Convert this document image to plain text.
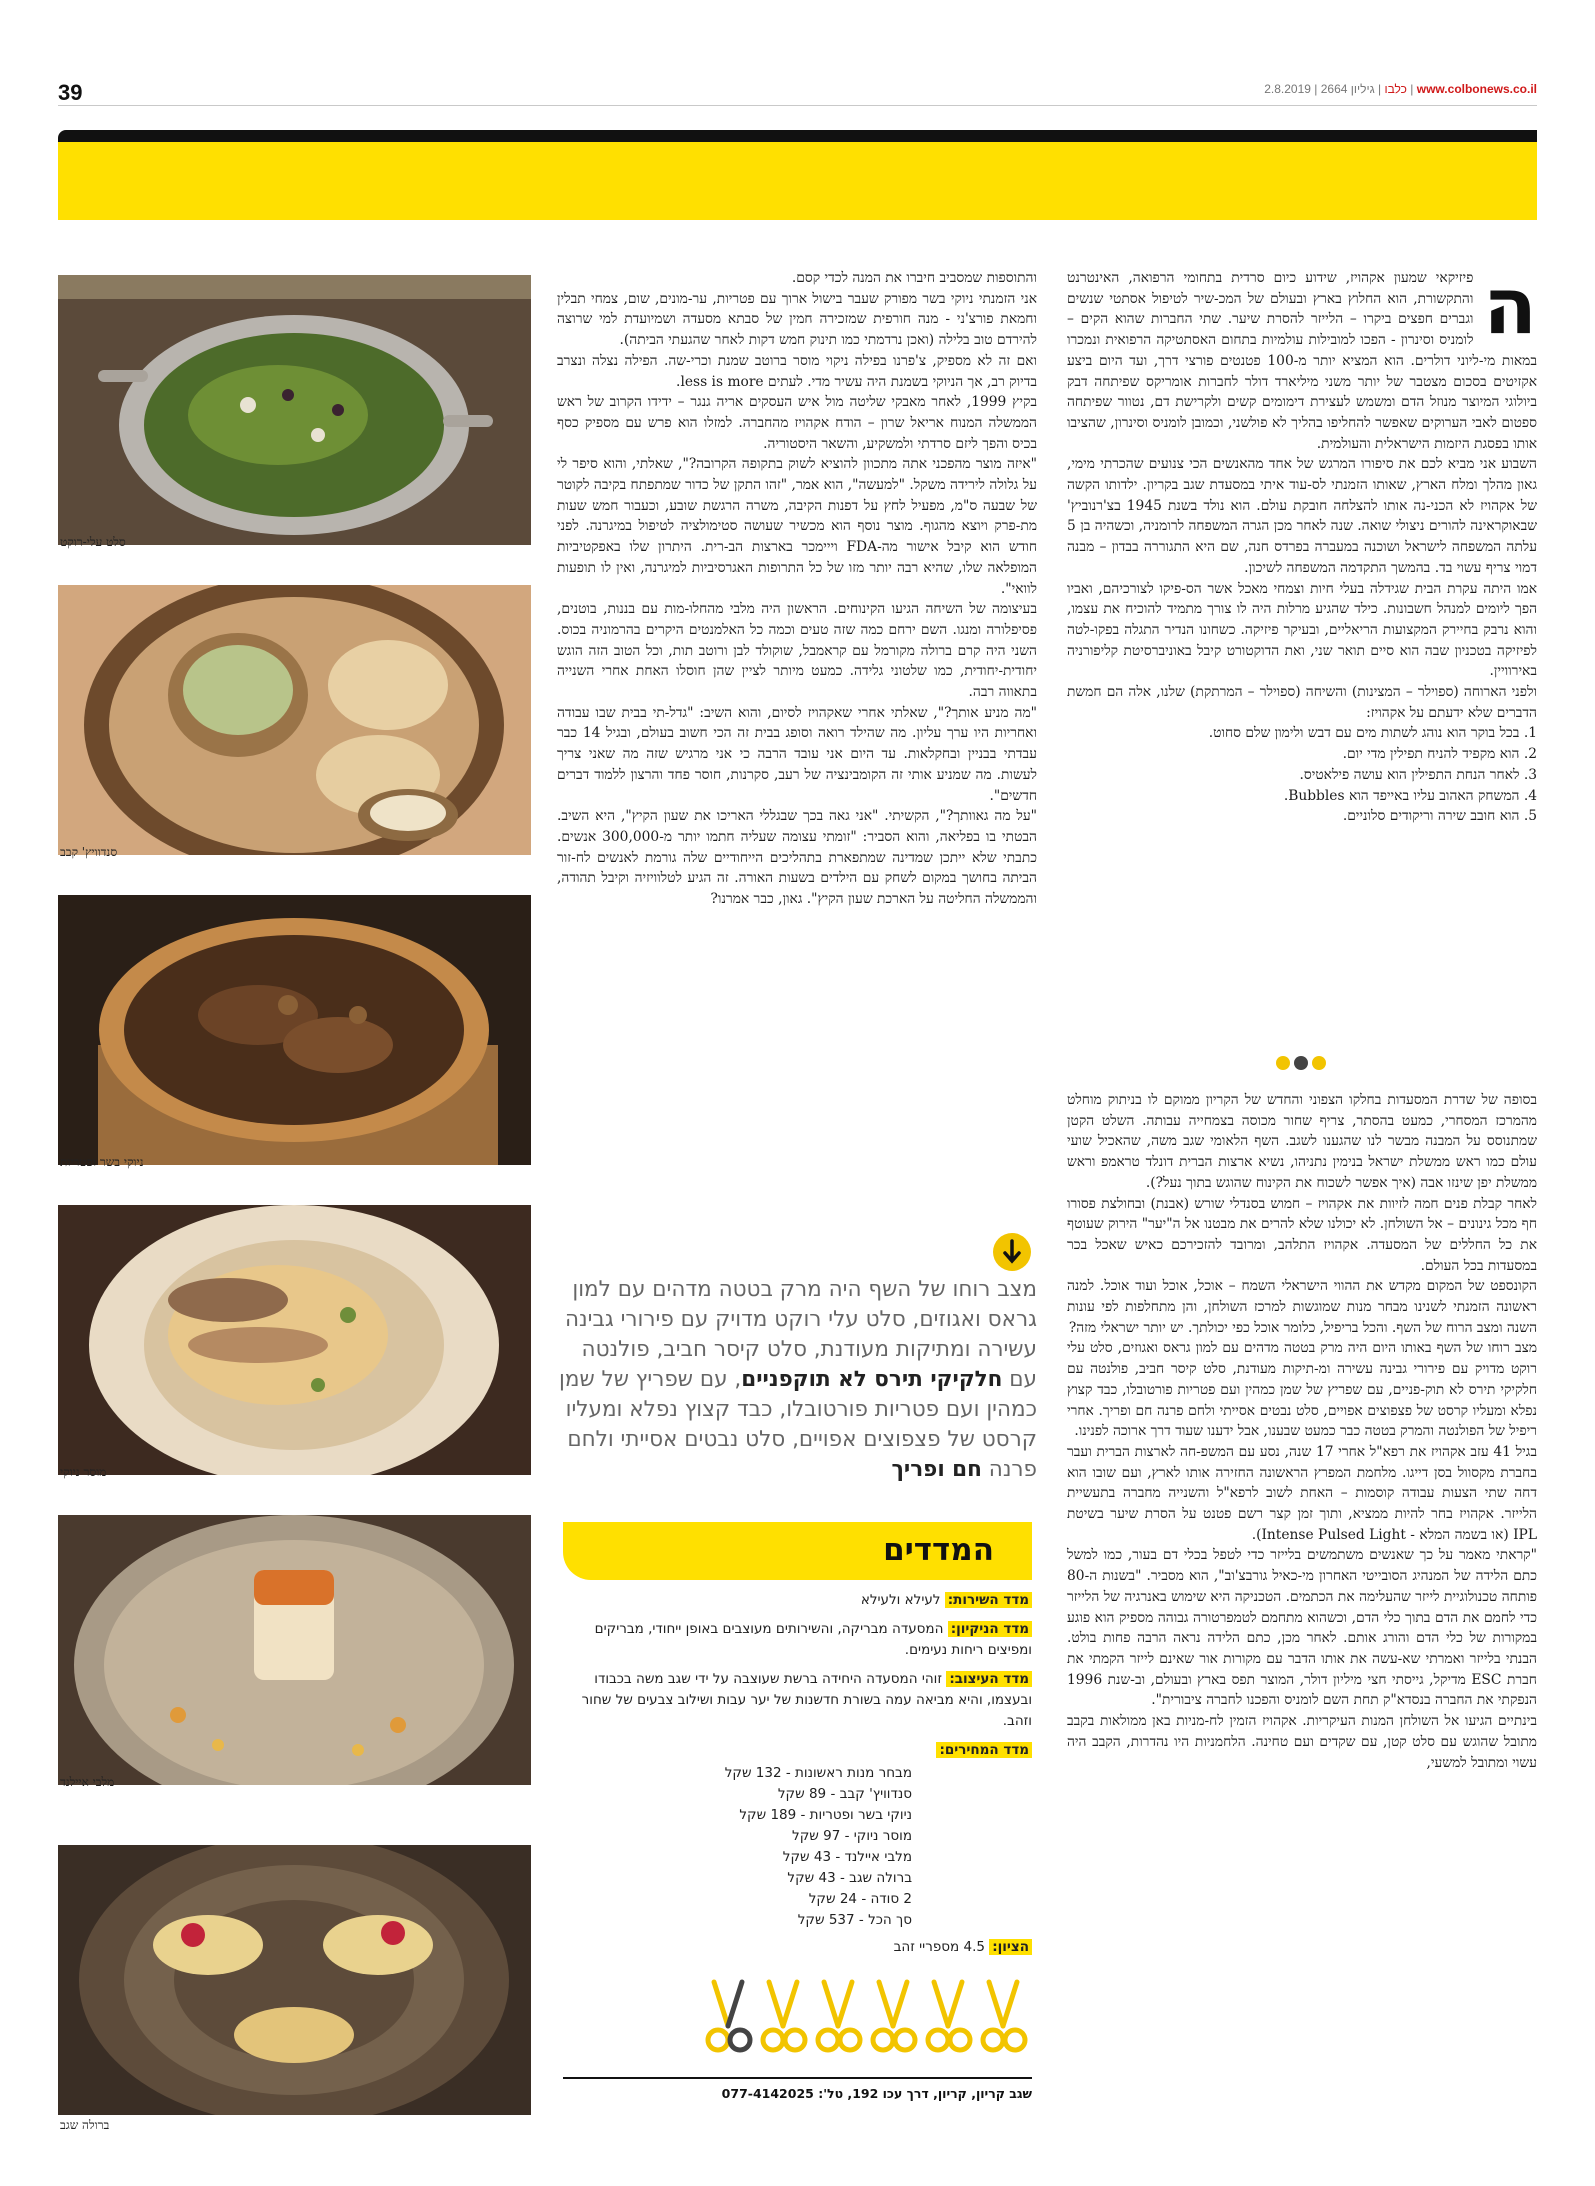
39	www.colbonews.co.il | כלבו | גיליון 2664 | 2.8.2019
סלט עלי-רוקט
סנדוויץ' קבב
ניוקי בשר ופטריות
מוסר ניוקי
מלבי איילנד
ברולה שגב
ה

פיזיקאי שמעון אקהויז, שידוע כיום סרדית בתחומי הרפואה, האינטרנט והתקשורת, הוא החלוץ בארץ ובעולם של המכ-שיר לטיפול אסתטי שנשים וגברים חפצים ביקרו – הלייזר להסרת שיער. שתי החברות שהוא הקים – לומניס וסינרון - הפכו למובילות עולמיות בתחום האסתטיקה הרפואית ונמכרו במאות מי-ליוני דולרים. הוא המציא יותר מ-100 פטנטים פורצי דרך, ועד היום ביצע אקזיטים בסכום מצטבר של יותר משני מיליארד דולר לחברות אומריקס שפיתחה דבק ביולוגי המיוצר מנוזל הדם ומשמש לעצירת דימומים קשים ולקרישת דם, נטוור שפיתחה ספטום לאבי הערוקים שאפשר להחליפו בהליך לא פולשני, וכמובן לומניס וסינרון, שהציבו אותו בפסגת היזמות הישראלית והעולמית.

השבוע אני מביא לכם את סיפורו המרגש של אחד מהאנשים הכי צנועים שהכרתי מימי, גאון מהלך ומלח הארץ, שאותו הזמנתי לס-עוד איתי במסעדת שגב בקריון. ילדותו הקשה של אקהויז לא הכני-נה אותו להצלחה חובקת עולם. הוא נולד בשנת 1945 בצ'רנוביץ' שבאוקראינה להורים ניצולי שואה. שנה לאחר מכן הגרה המשפחה לרומניה, וכשהיה בן 5 עלתה המשפחה לישראל ושוכנה במעברה בפרדס חנה, שם היא התגוררה בבדון – מבנה דמוי צריף עשוי בד. בהמשך התקדמה המשפחה לשיכון.

אמו היתה עקרת הבית שגידלה בעלי חיות וצמחי מאכל אשר הס-פיקו לצורכיהם, ואביו הפך ליומים למנהל חשבונות. כילד שהגיע מרלות היה לו צורך מתמיד להוכיח את עצמו, והוא נרבק בחיירק המקצועות הריאליים, ובעיקר פיזיקה. כשחונו הנדיר התגלה בפקו-לטה לפיזיקה בטכניון שבה הוא סיים תואר שני, ואת הדוקטורט קיבל באוניברסיטת קליפורניה באירוויין.

ולפני הארוחה (ספוילר – המצינות) והשיחה (ספוילר – המרתקת) שלנו, אלה הם חמשת הדברים שלא ידעתם על אקהויז:

1. בכל בוקר הוא נוהג לשתות מים עם דבש ולימון שלם סחוט.
2. הוא מקפיד להניח תפילין מדי יום.
3. לאחר הנחת התפילין הוא עושה פילאטיס.
4. המשחק האהוב עליו באייפד הוא Bubbles.
5. הוא חובב שירה וריקודים סלוניים.

בסופה של שדרת המסעדות בחלקו הצפוני והחדש של הקריון ממוקם לו בניתוק מוחלט מהמרכז המסחרי, כמעט בהסתר, צריף שחור מכוסה בצמחייה עבותה. השלט הקטן שמתנוסס על המבנה מבשר לנו שהגענו לשגב. השף הלאומי שגב משה, שהאכיל שועי עולם כמו ראש ממשלת ישראל בנימין נתניהו, נשיא ארצות הברית דונלד טראמפ וראש ממשלת יפן שינזו אבה (איך אפשר לשכוח את הקינוח שהוגש בתוך נעל?).

לאחר קבלת פנים חמה לזיוות את אקהויז – חמוש בסנדלי שורש (אבנת) ובחולצת פסורו חף מכל גינונים – אל השולחן. לא יכולנו שלא להרים את מבטנו אל ה"יער" הירוק שעוטף את כל החללים של המסעדה. אקהויז התלהב, ומרובד להזכירכם כאיש שאכל בכר במסעדות בכל העולם.

הקונספט של המקום מקדש את ההווי הישראלי השמח – אוכל, אוכל ועוד אוכל. למנה ראשונה הזמנתי לשנינו מבחר מנות שמוגשות למרכז השולחן, והן מתחלפות לפי עונות השנה ומצב הרוח של השף. והכל בריפיל, כלומר אוכל כפי יכולתך. יש יותר ישראלי מזה?

מצב רוחו של השף באותו היום היה מרק בטטה מדהים עם למון גראס ואגוזים, סלט עלי רוקט מדויק עם פירורי גבינה עשירה ומ-תיקות מעודנת, סלט קיסר חביב, פולנטה עם חלקיקי תירס לא תוק-פניים, עם שפריץ של שמן כמהין ועם פטריות פורטובלו, כבד קצוץ נפלא ומעליו קרסט של פצפוצים אפויים, סלט נבטים אסייתי ולחם פרנה חם ופריך. אחרי ריפיל של הפולנטה והמרק בטטה כבר כמעט שבענו, אבל ידענו שעוד דרך ארוכה לפנינו.

בגיל 41 עזב אקהויז את רפא"ל אחרי 17 שנה, נסע עם המשפ-חה לארצות הברית ועבר בחברת מקסוול בסן דייגו. מלחמת המפרץ הראשונה החזירה אותו לארץ, ועם שובו הוא דחה שתי הצעות עבודה קוסמות – האחת לשוב לרפא"ל והשנייה מחברה בתעשיית הלייזר. אקהויז בחר להיות ממציא, ותוך זמן קצר רשם פטנט על הסרת שיער בשיטת IPL (או בשמה המלא - Intense Pulsed Light).

"קראתי מאמר על כך שאנשים משתמשים בלייזר כדי לטפל בכלי דם בעור, כמו למשל כתם הלידה של המנהיג הסובייטי האחרון מי-כאיל גורבצ'וב", הוא מסביר. "בשנות ה-80 פותחה טכנולוגיית לייזר שהעלימה את הכתמים. הטכניקה היא שימוש באנרגיה של הלייזר כדי לחמם את הדם בתוך כלי הדם, וכשהוא מתחמם לטמפרטורה גבוהה מספיק הוא פוגע במקורות של כלי הדם והורג אותם. לאחר מכן, כתם הלידה נראה הרבה פחות בולט. הבנתי בלייזר ואמרתי שא-עשה את אותו הדבר עם מקורות אור שאינם לייזר הקמתי את חברת ESC מדיקל, גייסתי חצי מיליון דולר, המוצר תפס בארץ ובעולם, וב-שנת 1996 הנפקתי את החברה בנסדא"ק תחת השם לומניס והפכנו לחברה ציבורית".

בינתיים הגיעו אל השולחן המנות העיקריות. אקהויז הזמין לח-מניות באן ממולאות בקבב מתובל שהוגש עם סלט קטן, עם שקדים ועם טחינה. הלחמניות היו נהדרות, הקבב היה עשוי ומתובל למשעי,

והתוספות שמסביב חיברו את המנה לכדי קסם.

אני הזמנתי ניוקי בשר מפורק שעבר בישול ארוך עם פטריות, ער-מונים, שום, צמחי תבלין וחמאת פורצ'ני - מנה חורפית שמזכירה חמין של סבתא מסעדה ושמיועדת למי שרוצה להירדם טוב בלילה (ואכן נרדמתי כמו תינוק חמש דקות לאחר שהגעתי הביתה).

ואם זה לא מספיק, צ'פרנו בפילה ניקוי מוסר ברוטב שמנת וכרי-שה. הפילה נצלה ונצרב בדיוק רב, אך הניוקי בשמנת היה עשיר מדי. לעתים less is more.

בקיץ 1999, לאחר מאבקי שליטה מול איש העסקים אריה גנגר – ידידו הקרוב של ראש הממשלה המנוח אריאל שרון – הודח אקהויז מהחברה. למזלו הוא פרש עם מספיק כסף בכיס והפך ליזם סרדתי ולמשקיע, והשאר היסטוריה.

"איזה מוצר מהפכני אתה מתכוון להוציא לשוק בתקופה הקרובה?", שאלתי, והוא סיפר לי על גלולה לירידה משקל. "למעשה", הוא אמר, "זהו התקן של כדור שמתפתח בקיבה לקוטר של שבעה ס"מ, מפעיל לחץ על דפנות הקיבה, משרה הרגשת שובע, וכעבור חמש שעות מת-פרק ויוצא מהגוף. מוצר נוסף הוא מכשיר שעושה סטימולציה לטיפול במיגרנה. לפני חודש הוא קיבל אישור מה-FDA וייימכר בארצות הב-רית. היתרון שלו באפקטיביות המופלאה שלו, שהיא רבה יותר מזו של כל התרופות האגרסיביות למיגרנה, ואין לו תופעות לוואי".

בעיצומה של השיחה הגיעו הקינוחים. הראשון היה מלבי מהחלו-מות עם בננות, בוטנים, פסיפלורה ומנגו. השם ירחם כמה שזה טעים וכמה כל האלמנטים היקרים בהרמוניה בכוס. השני היה קרם ברולה מקורמל עם קראמבל, שוקולד לבן ורוטב תות, וכל הטוב הזה הוגש יחודית-יחודית, כמו שלטוני גלידה. כמעט מיותר לציין שהן חוסלו האחת אחרי השנייה בתאווה רבה.

"מה מניע אותך?", שאלתי אחרי שאקהויז לסיום, והוא השיב: "גדל-תי בבית שבו עבודה ואחריות היו ערך עליון. מה שהילד רואה וסופג בבית זה הכי חשוב בעולם, ובגיל 14 כבר עבדתי בבניין ובחקלאות. עד היום אני עובד הרבה כי אני מרגיש שזה מה שאני צריך לעשות. מה שמניע אותי זה הקומבינציה של רעב, סקרנות, חוסר פחד והרצון ללמוד דברים חדשים".

"על מה גאוותך?", הקשיתי. "אני גאה בכך שבגללי האריכו את שעון הקיץ", היא השיב. הבטתי בו בפליאה, והוא הסביר: "זומתי עצומה שעליה חתמו יותר מ-300,000 אנשים. כתבתי שלא ייתכן שמדינה שמתפארת בתהליכים הייחודיים שלה גורמת לאנשים לח-זור הביתה בחושך במקום לשחק עם הילדים בשעות האורה. זה הגיע לטלוויזיה וקיבל תהודה, והממשלה החליטה על הארכת שעון הקיץ". גאון, כבר אמרנו?

מצב רוחו של השף היה מרק בטטה מדהים עם למון גראס ואגוזים, סלט עלי רוקט מדויק עם פירורי גבינה עשירה ומתיקות מעודנת, סלט קיסר חביב, פולנטה עם חלקיקי תירס לא תוקפניים, עם שפריץ של שמן כמהין ועם פטריות פורטובלו, כבד קצוץ נפלא ומעליו קרסט של פצפוצים אפויים, סלט נבטים אסייתי ולחם פרנה חם ופריך
המדדים

מדד השירות: לעילא ולעילא

מדד הניקיון: המסעדה מבריקה, והשירותים מעוצבים באופן ייחודי, מבריקים ומפיצים ריחות נעימים.

מדד העיצוב: זוהי המסעדה היחידה ברשת שעוצבה על ידי שגב משה בכבודו ובעצמו, והיא מביאה עמה בשורת חדשנות של יער עבות ושילוב צבעים של שחור וזהב.

מדד המחירים:

מבחר מנות ראשונות - 132 שקל
סנדוויץ' קבב - 89 שקל
ניוקי בשר ופטריות - 189 שקל
מוסר ניוקי - 97 שקל
מלבי איילנד - 43 שקל
ברולה שגב - 43 שקל
2 סודה - 24 שקל
סך הכל - 537 שקל

הציון: 4.5 מספריי זהב

שגב קריון, קריון, דרך עכו 192, טל': 077-4142025
